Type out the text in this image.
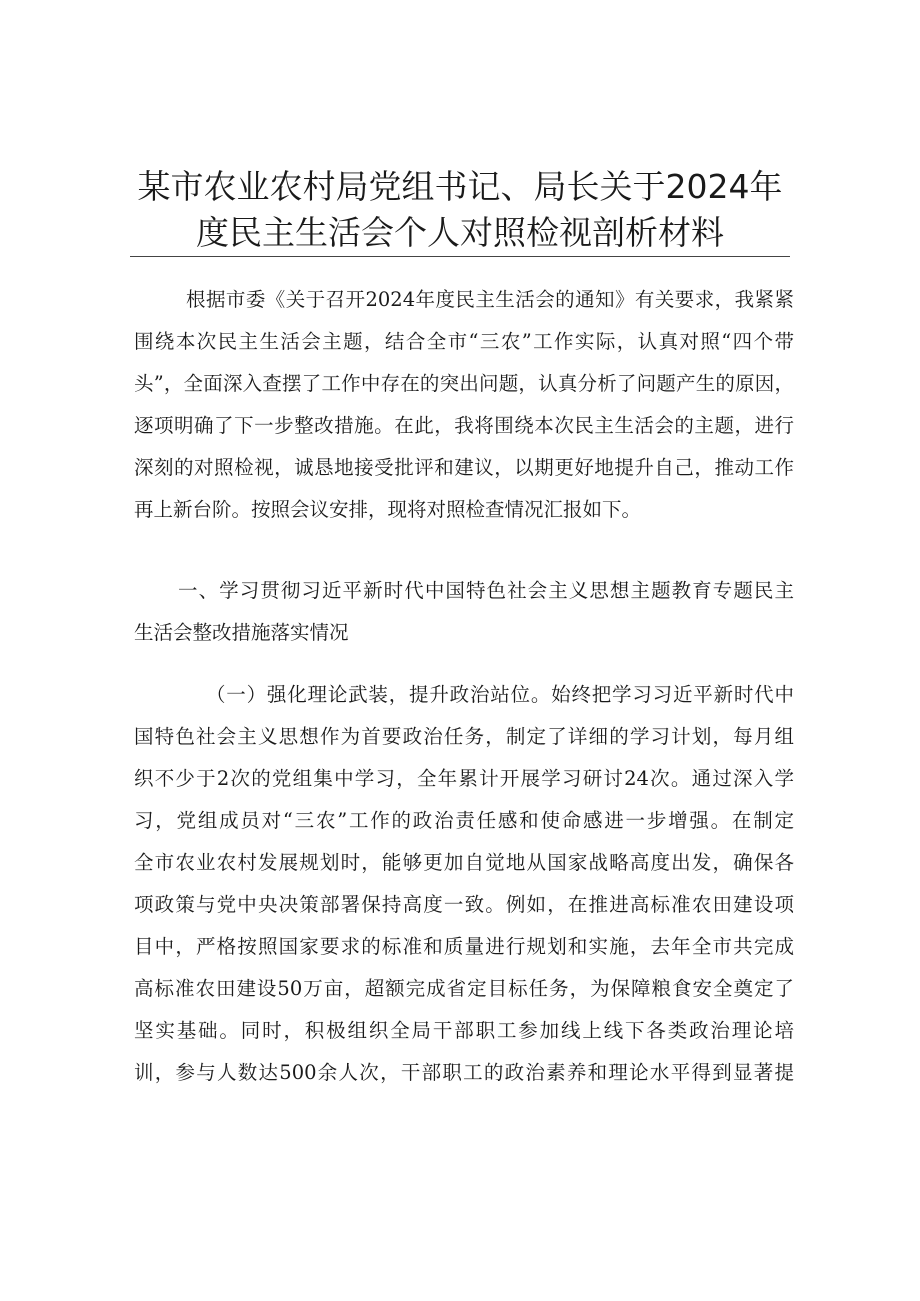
某市农业农村局党组书记、局长关于2024年
度民主生活会个人对照检视剖析材料
根据市委《关于召开2024年度民主生活会的通知》有关要求，我紧紧
围绕本次民主生活会主题，结合全市“三农”工作实际，认真对照“四个带
头”，全面深入查摆了工作中存在的突出问题，认真分析了问题产生的原因，
逐项明确了下一步整改措施。在此，我将围绕本次民主生活会的主题，进行
深刻的对照检视，诚恳地接受批评和建议，以期更好地提升自己，推动工作
再上新台阶。按照会议安排，现将对照检查情况汇报如下。
一、学习贯彻习近平新时代中国特色社会主义思想主题教育专题民主
生活会整改措施落实情况
（一）强化理论武装，提升政治站位。始终把学习习近平新时代中
国特色社会主义思想作为首要政治任务，制定了详细的学习计划，每月组
织不少于2次的党组集中学习，全年累计开展学习研讨24次。通过深入学
习，党组成员对“三农”工作的政治责任感和使命感进一步增强。在制定
全市农业农村发展规划时，能够更加自觉地从国家战略高度出发，确保各
项政策与党中央决策部署保持高度一致。例如，在推进高标准农田建设项
目中，严格按照国家要求的标准和质量进行规划和实施，去年全市共完成
高标准农田建设50万亩，超额完成省定目标任务，为保障粮食安全奠定了
坚实基础。同时，积极组织全局干部职工参加线上线下各类政治理论培
训，参与人数达500余人次，干部职工的政治素养和理论水平得到显著提
